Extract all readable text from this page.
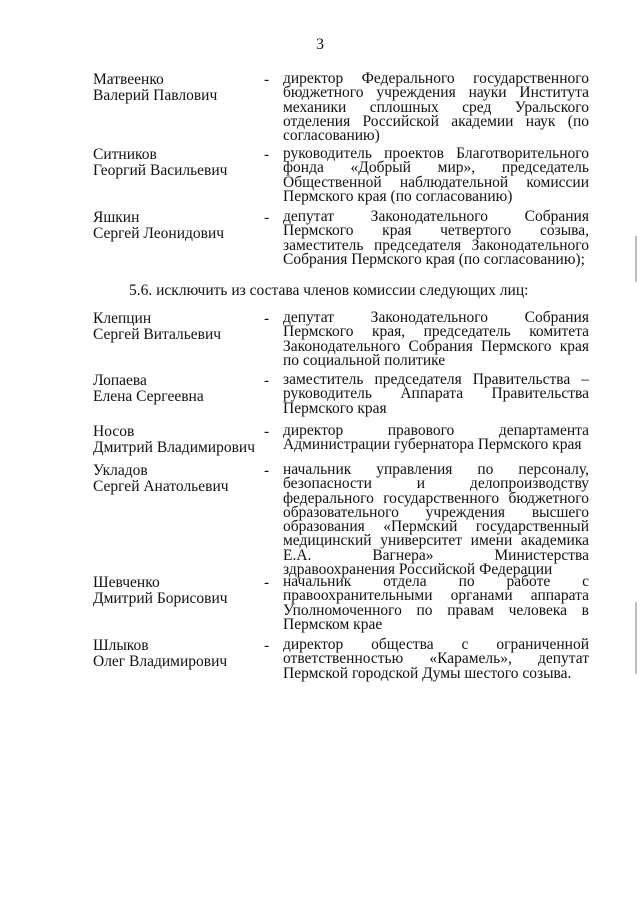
3
Матвеенко
Валерий Павлович
- директор Федерального государственного бюджетного учреждения науки Института механики сплошных сред Уральского отделения Российской академии наук (по согласованию)
Ситников
Георгий Васильевич
- руководитель проектов Благотворительного фонда «Добрый мир», председатель Общественной наблюдательной комиссии Пермского края (по согласованию)
Яшкин
Сергей Леонидович
- депутат Законодательного Собрания Пермского края четвертого созыва, заместитель председателя Законодательного Собрания Пермского края (по согласованию);
5.6. исключить из состава членов комиссии следующих лиц:
Клепцин
Сергей Витальевич
- депутат Законодательного Собрания Пермского края, председатель комитета Законодательного Собрания Пермского края по социальной политике
Лопаева
Елена Сергеевна
- заместитель председателя Правительства – руководитель Аппарата Правительства Пермского края
Носов
Дмитрий Владимирович
- директор правового департамента Администрации губернатора Пермского края
Укладов
Сергей Анатольевич
- начальник управления по персоналу, безопасности и делопроизводству федерального государственного бюджетного образовательного учреждения высшего образования «Пермский государственный медицинский университет имени академика Е.А. Вагнера» Министерства здравоохранения Российской Федерации
Шевченко
Дмитрий Борисович
- начальник отдела по работе с правоохранительными органами аппарата Уполномоченного по правам человека в Пермском крае
Шлыков
Олег Владимирович
- директор общества с ограниченной ответственностью «Карамель», депутат Пермской городской Думы шестого созыва.
